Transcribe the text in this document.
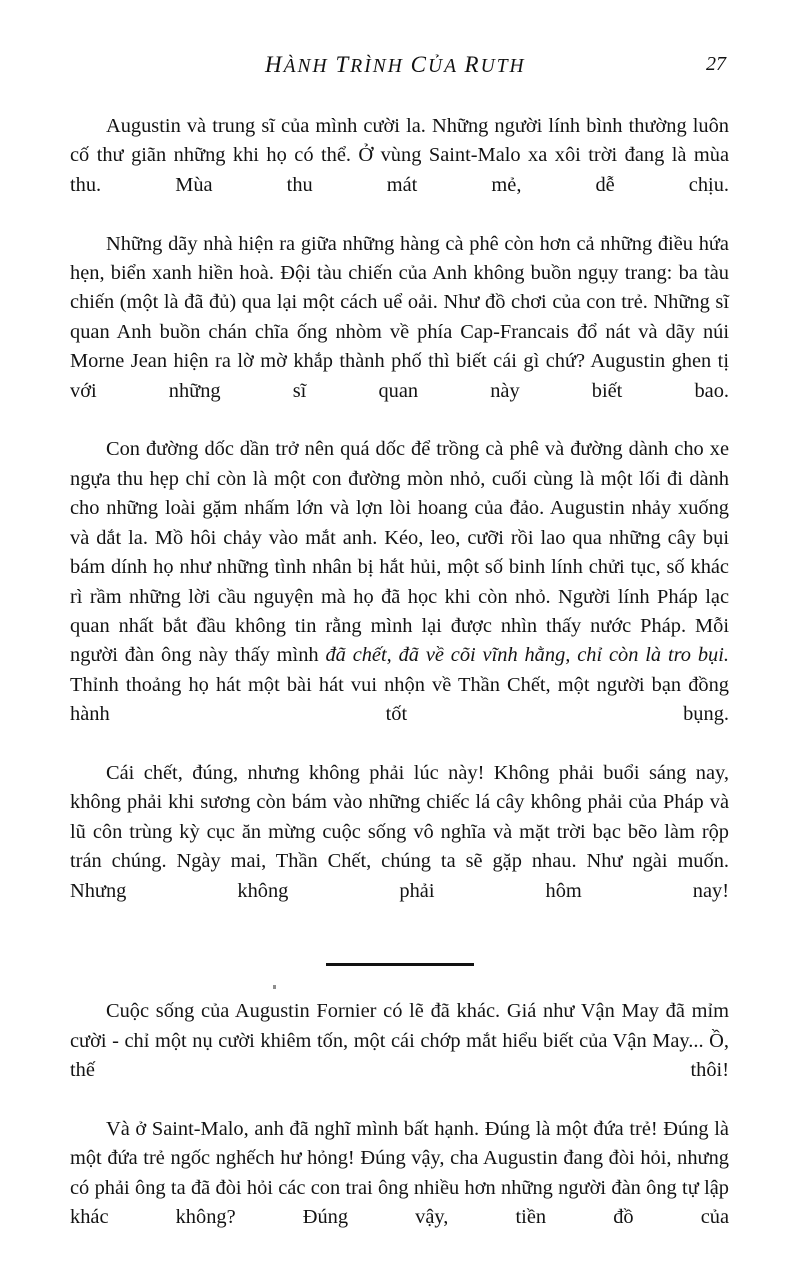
HÀNH TRÌNH CỦA RUTH	27

Augustin và trung sĩ của mình cười la. Những người lính bình thường luôn cố thư giãn những khi họ có thể. Ở vùng Saint-Malo xa xôi trời đang là mùa thu. Mùa thu mát mẻ, dễ chịu.

Những dãy nhà hiện ra giữa những hàng cà phê còn hơn cả những điều hứa hẹn, biển xanh hiền hoà. Đội tàu chiến của Anh không buồn ngụy trang: ba tàu chiến (một là đã đủ) qua lại một cách uể oải. Như đồ chơi của con trẻ. Những sĩ quan Anh buồn chán chĩa ống nhòm về phía Cap-Francais đổ nát và dãy núi Morne Jean hiện ra lờ mờ khắp thành phố thì biết cái gì chứ? Augustin ghen tị với những sĩ quan này biết bao.

Con đường dốc dần trở nên quá dốc để trồng cà phê và đường dành cho xe ngựa thu hẹp chỉ còn là một con đường mòn nhỏ, cuối cùng là một lối đi dành cho những loài gặm nhấm lớn và lợn lòi hoang của đảo. Augustin nhảy xuống và dắt la. Mồ hôi chảy vào mắt anh. Kéo, leo, cưỡi rồi lao qua những cây bụi bám dính họ như những tình nhân bị hắt hủi, một số binh lính chửi tục, số khác rì rầm những lời cầu nguyện mà họ đã học khi còn nhỏ. Người lính Pháp lạc quan nhất bắt đầu không tin rằng mình lại được nhìn thấy nước Pháp. Mỗi người đàn ông này thấy mình đã chết, đã về cõi vĩnh hằng, chỉ còn là tro bụi. Thỉnh thoảng họ hát một bài hát vui nhộn về Thần Chết, một người bạn đồng hành tốt bụng.

Cái chết, đúng, nhưng không phải lúc này! Không phải buổi sáng nay, không phải khi sương còn bám vào những chiếc lá cây không phải của Pháp và lũ côn trùng kỳ cục ăn mừng cuộc sống vô nghĩa và mặt trời bạc bẽo làm rộp trán chúng. Ngày mai, Thần Chết, chúng ta sẽ gặp nhau. Như ngài muốn. Nhưng không phải hôm nay!

Cuộc sống của Augustin Fornier có lẽ đã khác. Giá như Vận May đã mỉm cười - chỉ một nụ cười khiêm tốn, một cái chớp mắt hiểu biết của Vận May... Ồ, thế thôi!

Và ở Saint-Malo, anh đã nghĩ mình bất hạnh. Đúng là một đứa trẻ! Đúng là một đứa trẻ ngốc nghếch hư hỏng! Đúng vậy, cha Augustin đang đòi hỏi, nhưng có phải ông ta đã đòi hỏi các con trai ông nhiều hơn những người đàn ông tự lập khác không? Đúng vậy, tiền đồ của
